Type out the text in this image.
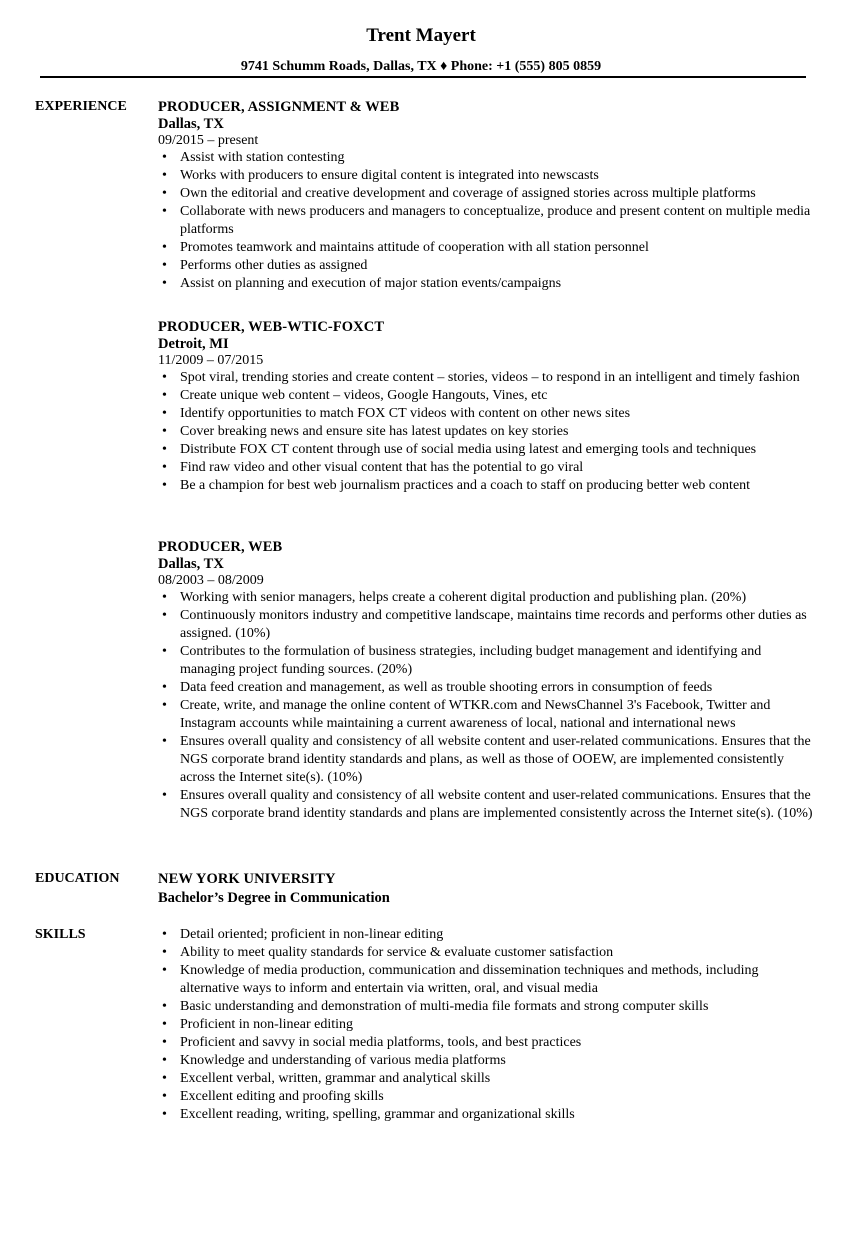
Trent Mayert
9741 Schumm Roads, Dallas, TX ♦ Phone: +1 (555) 805 0859
EXPERIENCE PRODUCER, ASSIGNMENT & WEB
Dallas, TX
09/2015 – present
• Assist with station contesting
• Works with producers to ensure digital content is integrated into newscasts
• Own the editorial and creative development and coverage of assigned stories across multiple platforms
• Collaborate with news producers and managers to conceptualize, produce and present content on multiple media platforms
• Promotes teamwork and maintains attitude of cooperation with all station personnel
• Performs other duties as assigned
• Assist on planning and execution of major station events/campaigns
PRODUCER, WEB-WTIC-FOXCT
Detroit, MI
11/2009 – 07/2015
• Spot viral, trending stories and create content – stories, videos – to respond in an intelligent and timely fashion
• Create unique web content – videos, Google Hangouts, Vines, etc
• Identify opportunities to match FOX CT videos with content on other news sites
• Cover breaking news and ensure site has latest updates on key stories
• Distribute FOX CT content through use of social media using latest and emerging tools and techniques
• Find raw video and other visual content that has the potential to go viral
• Be a champion for best web journalism practices and a coach to staff on producing better web content
PRODUCER, WEB
Dallas, TX
08/2003 – 08/2009
• Working with senior managers, helps create a coherent digital production and publishing plan. (20%)
• Continuously monitors industry and competitive landscape, maintains time records and performs other duties as assigned. (10%)
• Contributes to the formulation of business strategies, including budget management and identifying and managing project funding sources. (20%)
• Data feed creation and management, as well as trouble shooting errors in consumption of feeds
• Create, write, and manage the online content of WTKR.com and NewsChannel 3's Facebook, Twitter and Instagram accounts while maintaining a current awareness of local, national and international news
• Ensures overall quality and consistency of all website content and user-related communications. Ensures that the NGS corporate brand identity standards and plans, as well as those of OOEW, are implemented consistently across the Internet site(s). (10%)
• Ensures overall quality and consistency of all website content and user-related communications. Ensures that the NGS corporate brand identity standards and plans are implemented consistently across the Internet site(s). (10%)
EDUCATION	NEW YORK UNIVERSITY
Bachelor’s Degree in Communication
SKILLS
•	Detail oriented; proficient in non-linear editing
• Ability to meet quality standards for service & evaluate customer satisfaction
• Knowledge of media production, communication and dissemination techniques and methods, including alternative ways to inform and entertain via written, oral, and visual media
• Basic understanding and demonstration of multi-media file formats and strong computer skills
• Proficient in non-linear editing
• Proficient and savvy in social media platforms, tools, and best practices
• Knowledge and understanding of various media platforms
• Excellent verbal, written, grammar and analytical skills
• Excellent editing and proofing skills
• Excellent reading, writing, spelling, grammar and organizational skills
